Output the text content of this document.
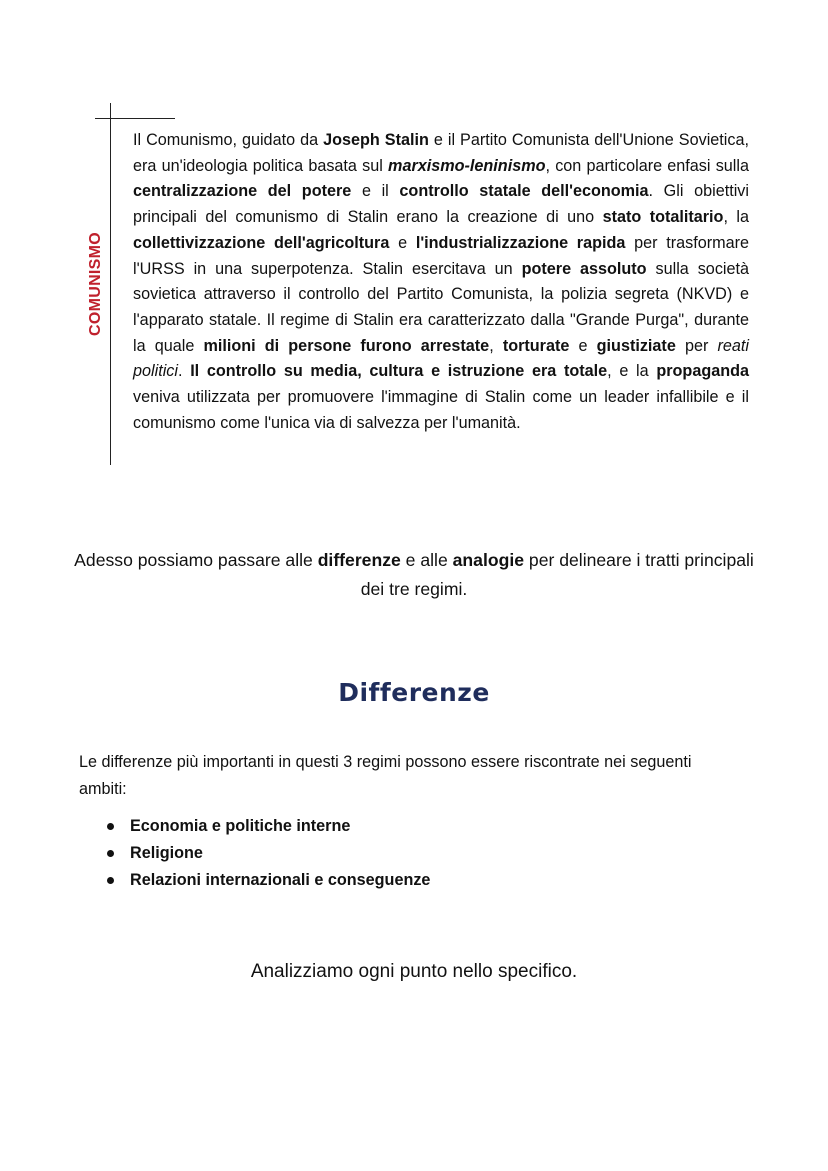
COMUNISMO

Il Comunismo, guidato da Joseph Stalin e il Partito Comunista dell'Unione Sovietica, era un'ideologia politica basata sul marxismo-leninismo, con particolare enfasi sulla centralizzazione del potere e il controllo statale dell'economia. Gli obiettivi principali del comunismo di Stalin erano la creazione di uno stato totalitario, la collettivizzazione dell'agricoltura e l'industrializzazione rapida per trasformare l'URSS in una superpotenza. Stalin esercitava un potere assoluto sulla società sovietica attraverso il controllo del Partito Comunista, la polizia segreta (NKVD) e l'apparato statale. Il regime di Stalin era caratterizzato dalla "Grande Purga", durante la quale milioni di persone furono arrestate, torturate e giustiziate per reati politici. Il controllo su media, cultura e istruzione era totale, e la propaganda veniva utilizzata per promuovere l'immagine di Stalin come un leader infallibile e il comunismo come l'unica via di salvezza per l'umanità.

Adesso possiamo passare alle differenze e alle analogie per delineare i tratti principali dei tre regimi.

Differenze

Le differenze più importanti in questi 3 regimi possono essere riscontrate nei seguenti ambiti:

Economia e politiche interne
Religione
Relazioni internazionali e conseguenze

Analizziamo ogni punto nello specifico.
